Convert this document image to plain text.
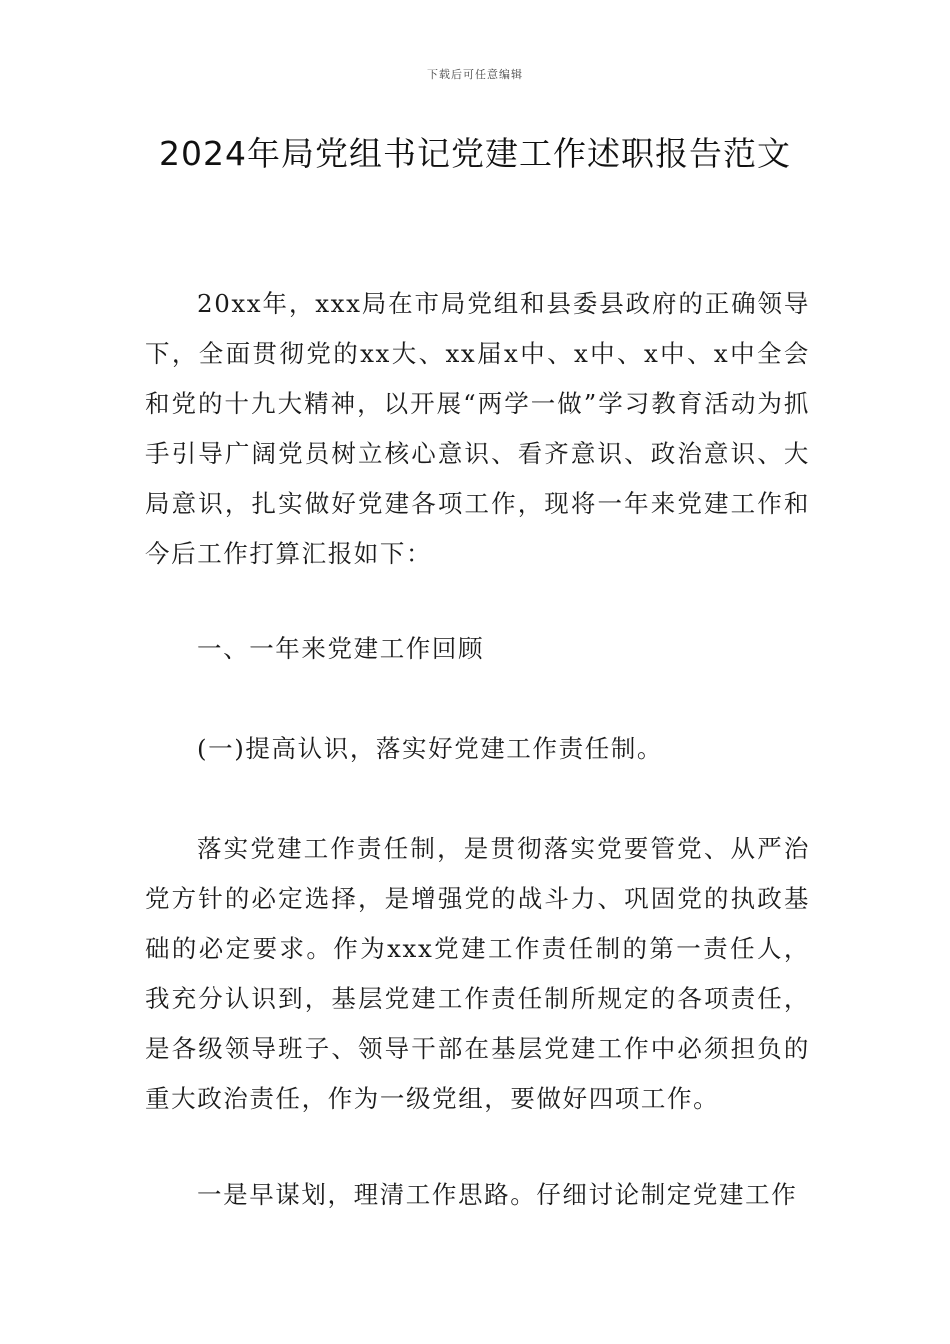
下载后可任意编辑
2024年局党组书记党建工作述职报告范文

20xx年，xxx局在市局党组和县委县政府的正确领导下，全面贯彻党的xx大、xx届x中、x中、x中、x中全会和党的十九大精神，以开展“两学一做”学习教育活动为抓手引导广阔党员树立核心意识、看齐意识、政治意识、大局意识，扎实做好党建各项工作，现将一年来党建工作和今后工作打算汇报如下：

一、一年来党建工作回顾

(一)提高认识，落实好党建工作责任制。

落实党建工作责任制，是贯彻落实党要管党、从严治党方针的必定选择，是增强党的战斗力、巩固党的执政基础的必定要求。作为xxx党建工作责任制的第一责任人，我充分认识到，基层党建工作责任制所规定的各项责任，是各级领导班子、领导干部在基层党建工作中必须担负的重大政治责任，作为一级党组，要做好四项工作。

一是早谋划，理清工作思路。仔细讨论制定党建工作
